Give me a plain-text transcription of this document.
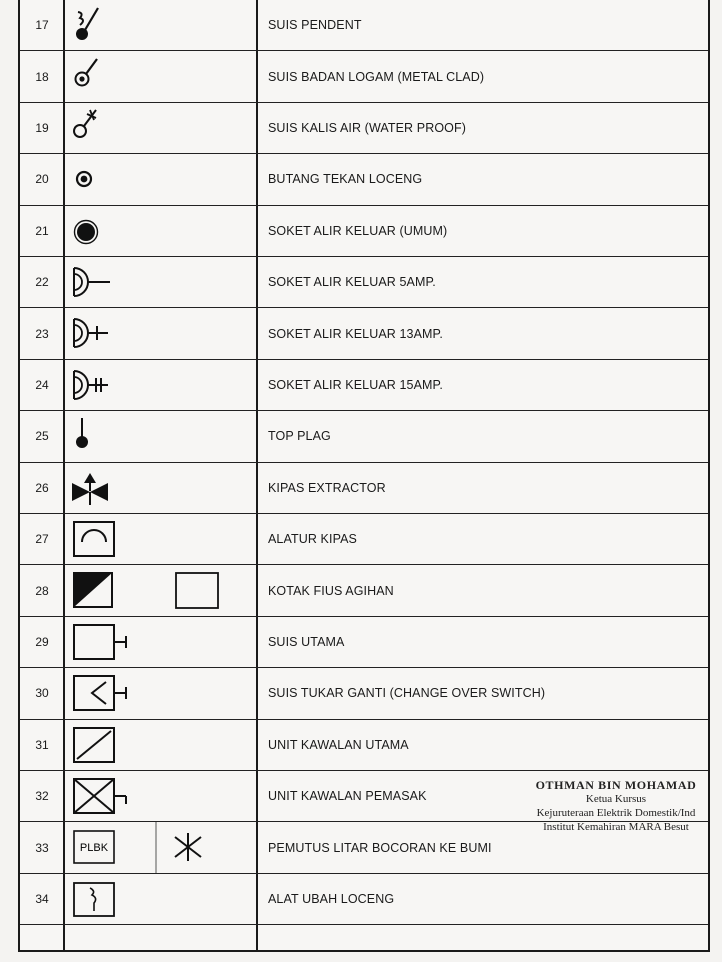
17	SUIS PENDENT
18	SUIS BADAN LOGAM (METAL CLAD)
19	SUIS KALIS AIR (WATER PROOF)
20	BUTANG TEKAN LOCENG
21	SOKET ALIR KELUAR (UMUM)
22	SOKET ALIR KELUAR 5AMP.
23	SOKET ALIR KELUAR 13AMP.
24	SOKET ALIR KELUAR 15AMP.
25	TOP PLAG
26	KIPAS EXTRACTOR
27	ALATUR KIPAS
28	KOTAK FIUS AGIHAN
29	SUIS UTAMA
30	SUIS TUKAR GANTI (CHANGE OVER SWITCH)
31	UNIT KAWALAN UTAMA
32	UNIT KAWALAN PEMASAK
33	PLBK	PEMUTUS LITAR BOCORAN KE BUMI
34	ALAT UBAH LOCENG
OTHMAN BIN MOHAMAD
Ketua Kursus
Kejuruteraan Elektrik Domestik/Ind
Institut Kemahiran MARA Besut
